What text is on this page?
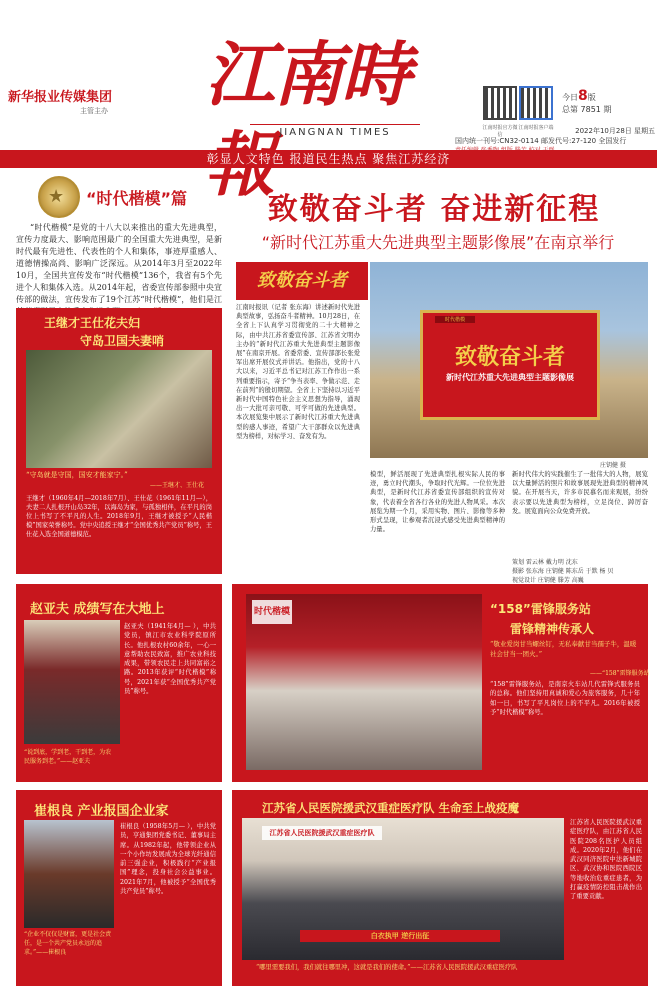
新华报业传媒集团
主管主办	江南時
JIANGNAN TIMES	江南时报官方微信
江南时报客户端
今日8版
总第 7851 期
2022年10月28日 星期五
国内统一刊号:CN32-0114 邮发代号:27-120 全国发行
彰显人文特色 报道民生热点 聚焦江苏经济
★ “时代楷模”篇
“时代楷模”是党的十八大以来推出的重大先进典型，宣传力度最大、影响范围最广的全国重大先进典型，是新时代最有先进性、代表性的个人和集体，事迹厚重感人、道德情操高尚、影响广泛深远。从2014年3月至2022年10月，全国共宣传发布“时代楷模”136个，我省有5个先进个人和集体入选。从2014年起，省委宣传部参照中央宣传部的做法，宣传发布了19个江苏“时代楷模”，他们是江
致敬奋斗者 奋进新征程
“新时代江苏重大先进典型主题影像展”在南京举行
致敬奋斗者
江南时报讯（记者 张东海）讲述新时代先进典型故事，弘扬奋斗者精神。10月28日，在全省上下认真学习贯彻党的二十大精神之际，由中共江苏省委宣传部、江苏省文明办主办的“新时代江苏重大先进典型主题影像展”在南京开展。省委常委、宣传部部长张爱军出席开展仪式并讲话。他指出，党的十八大以来，习近平总书记对江苏工作作出一系列重要指示，寄予“争当表率、争做示范、走在前列”的殷切期望。全省上下坚持以习近平新时代中国特色社会主义思想为指导，涌现出一大批可亲可敬、可学可做的先进典型。本次展览集中展示了新时代江苏重大先进典型的感人事迹，希望广大干部群众以先进典型为榜样，对标学习、奋发有为。
时代楷模
致敬奋斗者
新时代江苏重大先进典型主题影像展
庄钥健 摄
模型，鲜活展现了先进典型扎根实际人民的事迹，勇立时代潮头，争取时代光辉。一位位先进典型，是新时代江苏省委宣传部组织的宣传对象，代表着全省各行各业的先进人物风采。本次展览为期一个月，采用实物、图片、影像等多种形式呈现，让参观者沉浸式感受先进典型精神的力量。
新时代伟大的实践催生了一批伟大的人物，展览以大量鲜活的照片和故事展现先进典型的精神风貌。在开展当天，许多市民慕名而来观展，纷纷表示要以先进典型为榜样，立足岗位、踔厉奋发。展览面向公众免费开放。
策划 雷云林 戴力明 沈东
摄影 张东海 庄钥健 陈东岳 于默 杨 贝
视觉设计 庄钥健 滕芳 高巍
王继才王仕花夫妇
守岛卫国夫妻哨
“守岛就是守国，国安才能家宁。”
——王继才、王仕花
王继才（1960年4月—2018年7月）、王仕花（1961年11月—），夫妻二人扎根开山岛32年，以海岛为家，与孤独相伴，在平凡的岗位上书写了不平凡的人生。2018年9月，王继才被授予“人民楷模”国家荣誉称号。党中央追授王继才“全国优秀共产党员”称号，王仕花入选全国道德模范。
赵亚夫 成绩写在大地上
赵亚夫（1941年4月— ），中共党员，镇江市农业科学院原所长。他扎根农村60余年，一心一意帮助农民致富，推广农业科技成果，带领农民走上共同富裕之路。2013年获评“时代楷模”称号，2021年获“全国优秀共产党员”称号。
“说到底，学到老，干到老，为农民服务到老。”——赵亚夫
崔根良 产业报国企业家
崔根良（1958年5月— ），中共党员，亨通集团党委书记、董事局主席。从1982年起，他带领企业从一个小作坊发展成为全球光纤通信前三强企业，积极践行“产业报国”理念，投身社会公益事业。2021年7月，他被授予“全国优秀共产党员”称号。
“企业不仅仅是财富，更是社会责任，是一个共产党员永远的追求。”——崔根良
时代楷模	“158”雷锋服务站
雷锋精神传承人
“敬业爱岗甘当螺丝钉，无私奉献甘当孺子牛，温暖社会甘当一团火。”
——“158”雷锋服务站
“158”雷锋服务站，是南京火车站几代雷锋式服务员的总称。他们坚持用真诚和爱心为旅客服务，几十年如一日，书写了平凡岗位上的不平凡。2016年被授予“时代楷模”称号。
江苏省人民医院援武汉重症医疗队 生命至上战疫魔
江苏省人民医院援武汉重症医疗队
白衣执甲 逆行出征
江苏省人民医院援武汉重症医疗队，由江苏省人民医院208名医护人员组成。2020年2月，他们在武汉同济医院中法新城院区、武汉协和医院西院区等地收治危重症患者，为打赢疫情防控阻击战作出了重要贡献。
“哪里需要我们，我们就往哪里冲，这就是我们的使命。”——江苏省人民医院援武汉重症医疗队
